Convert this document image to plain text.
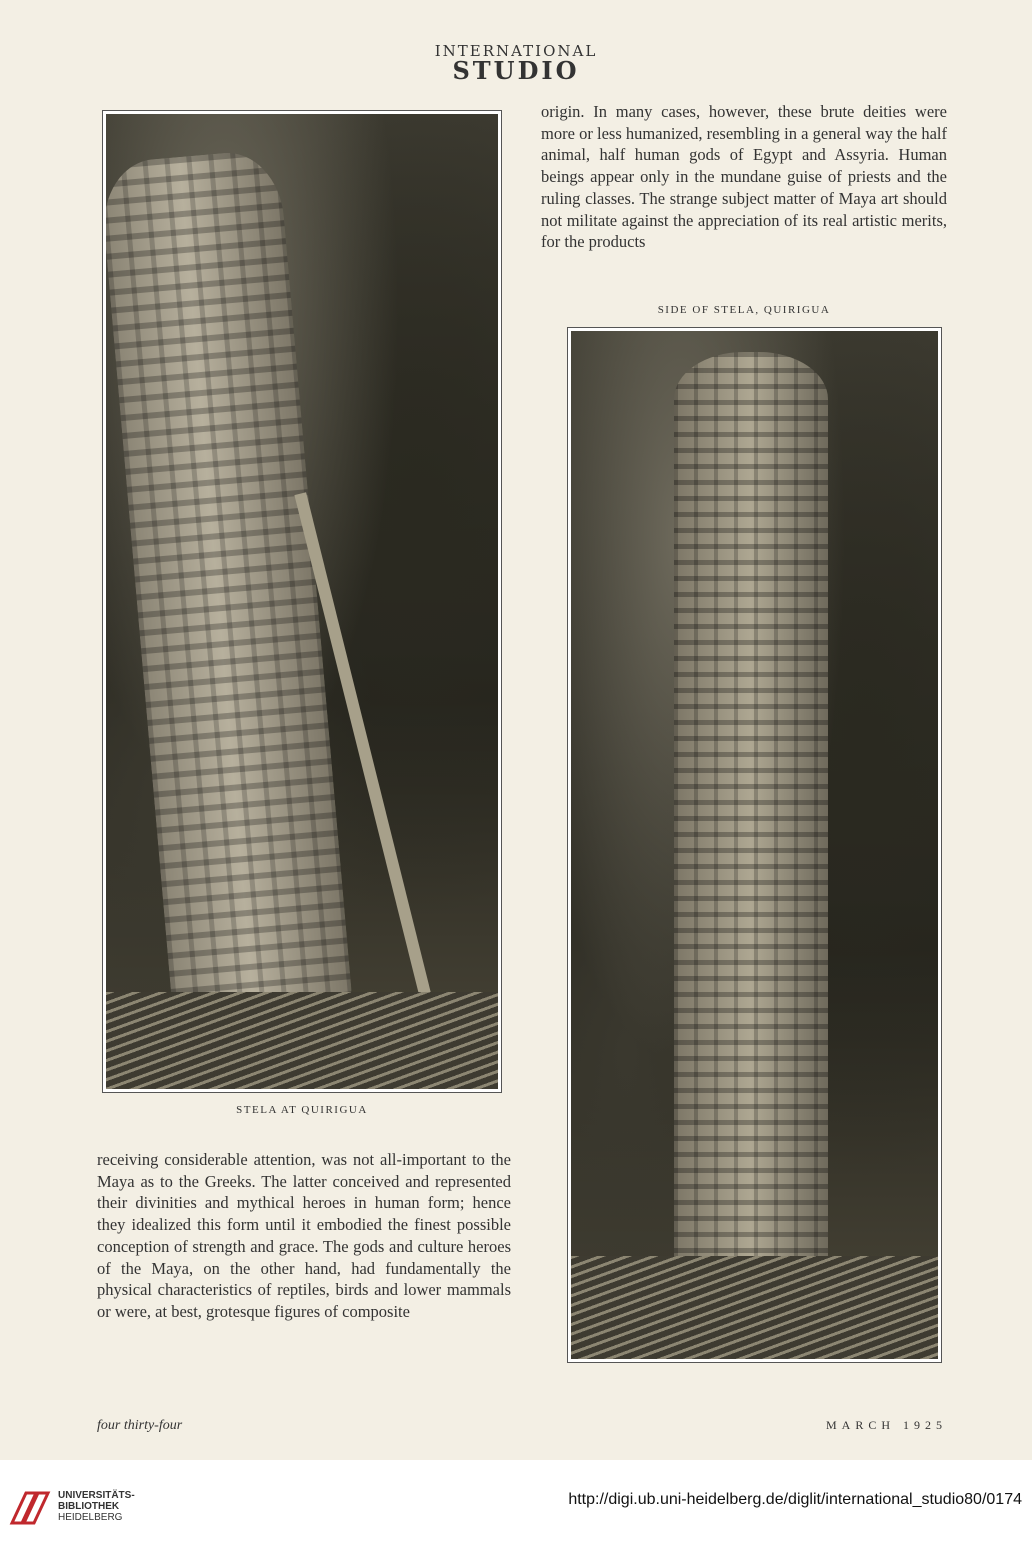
INTERNATIONAL
STUDIO
STELA AT QUIRIGUA

origin. In many cases, however, these brute deities were more or less humanized, resembling in a general way the half animal, half human gods of Egypt and Assyria. Human beings appear only in the mundane guise of priests and the ruling classes. The strange subject matter of Maya art should not militate against the appreciation of its real artistic merits, for the products

SIDE OF STELA, QUIRIGUA

receiving considerable attention, was not all-important to the Maya as to the Greeks. The latter conceived and represented their divinities and mythical heroes in human form; hence they idealized this form until it embodied the finest possible conception of strength and grace. The gods and culture heroes of the Maya, on the other hand, had fundamentally the physical characteristics of reptiles, birds and lower mammals or were, at best, grotesque figures of composite

four thirty-four	MARCH 1925
UNIVERSITÄTS-
BIBLIOTHEK
HEIDELBERG
http://digi.ub.uni-heidelberg.de/diglit/international_studio80/0174
